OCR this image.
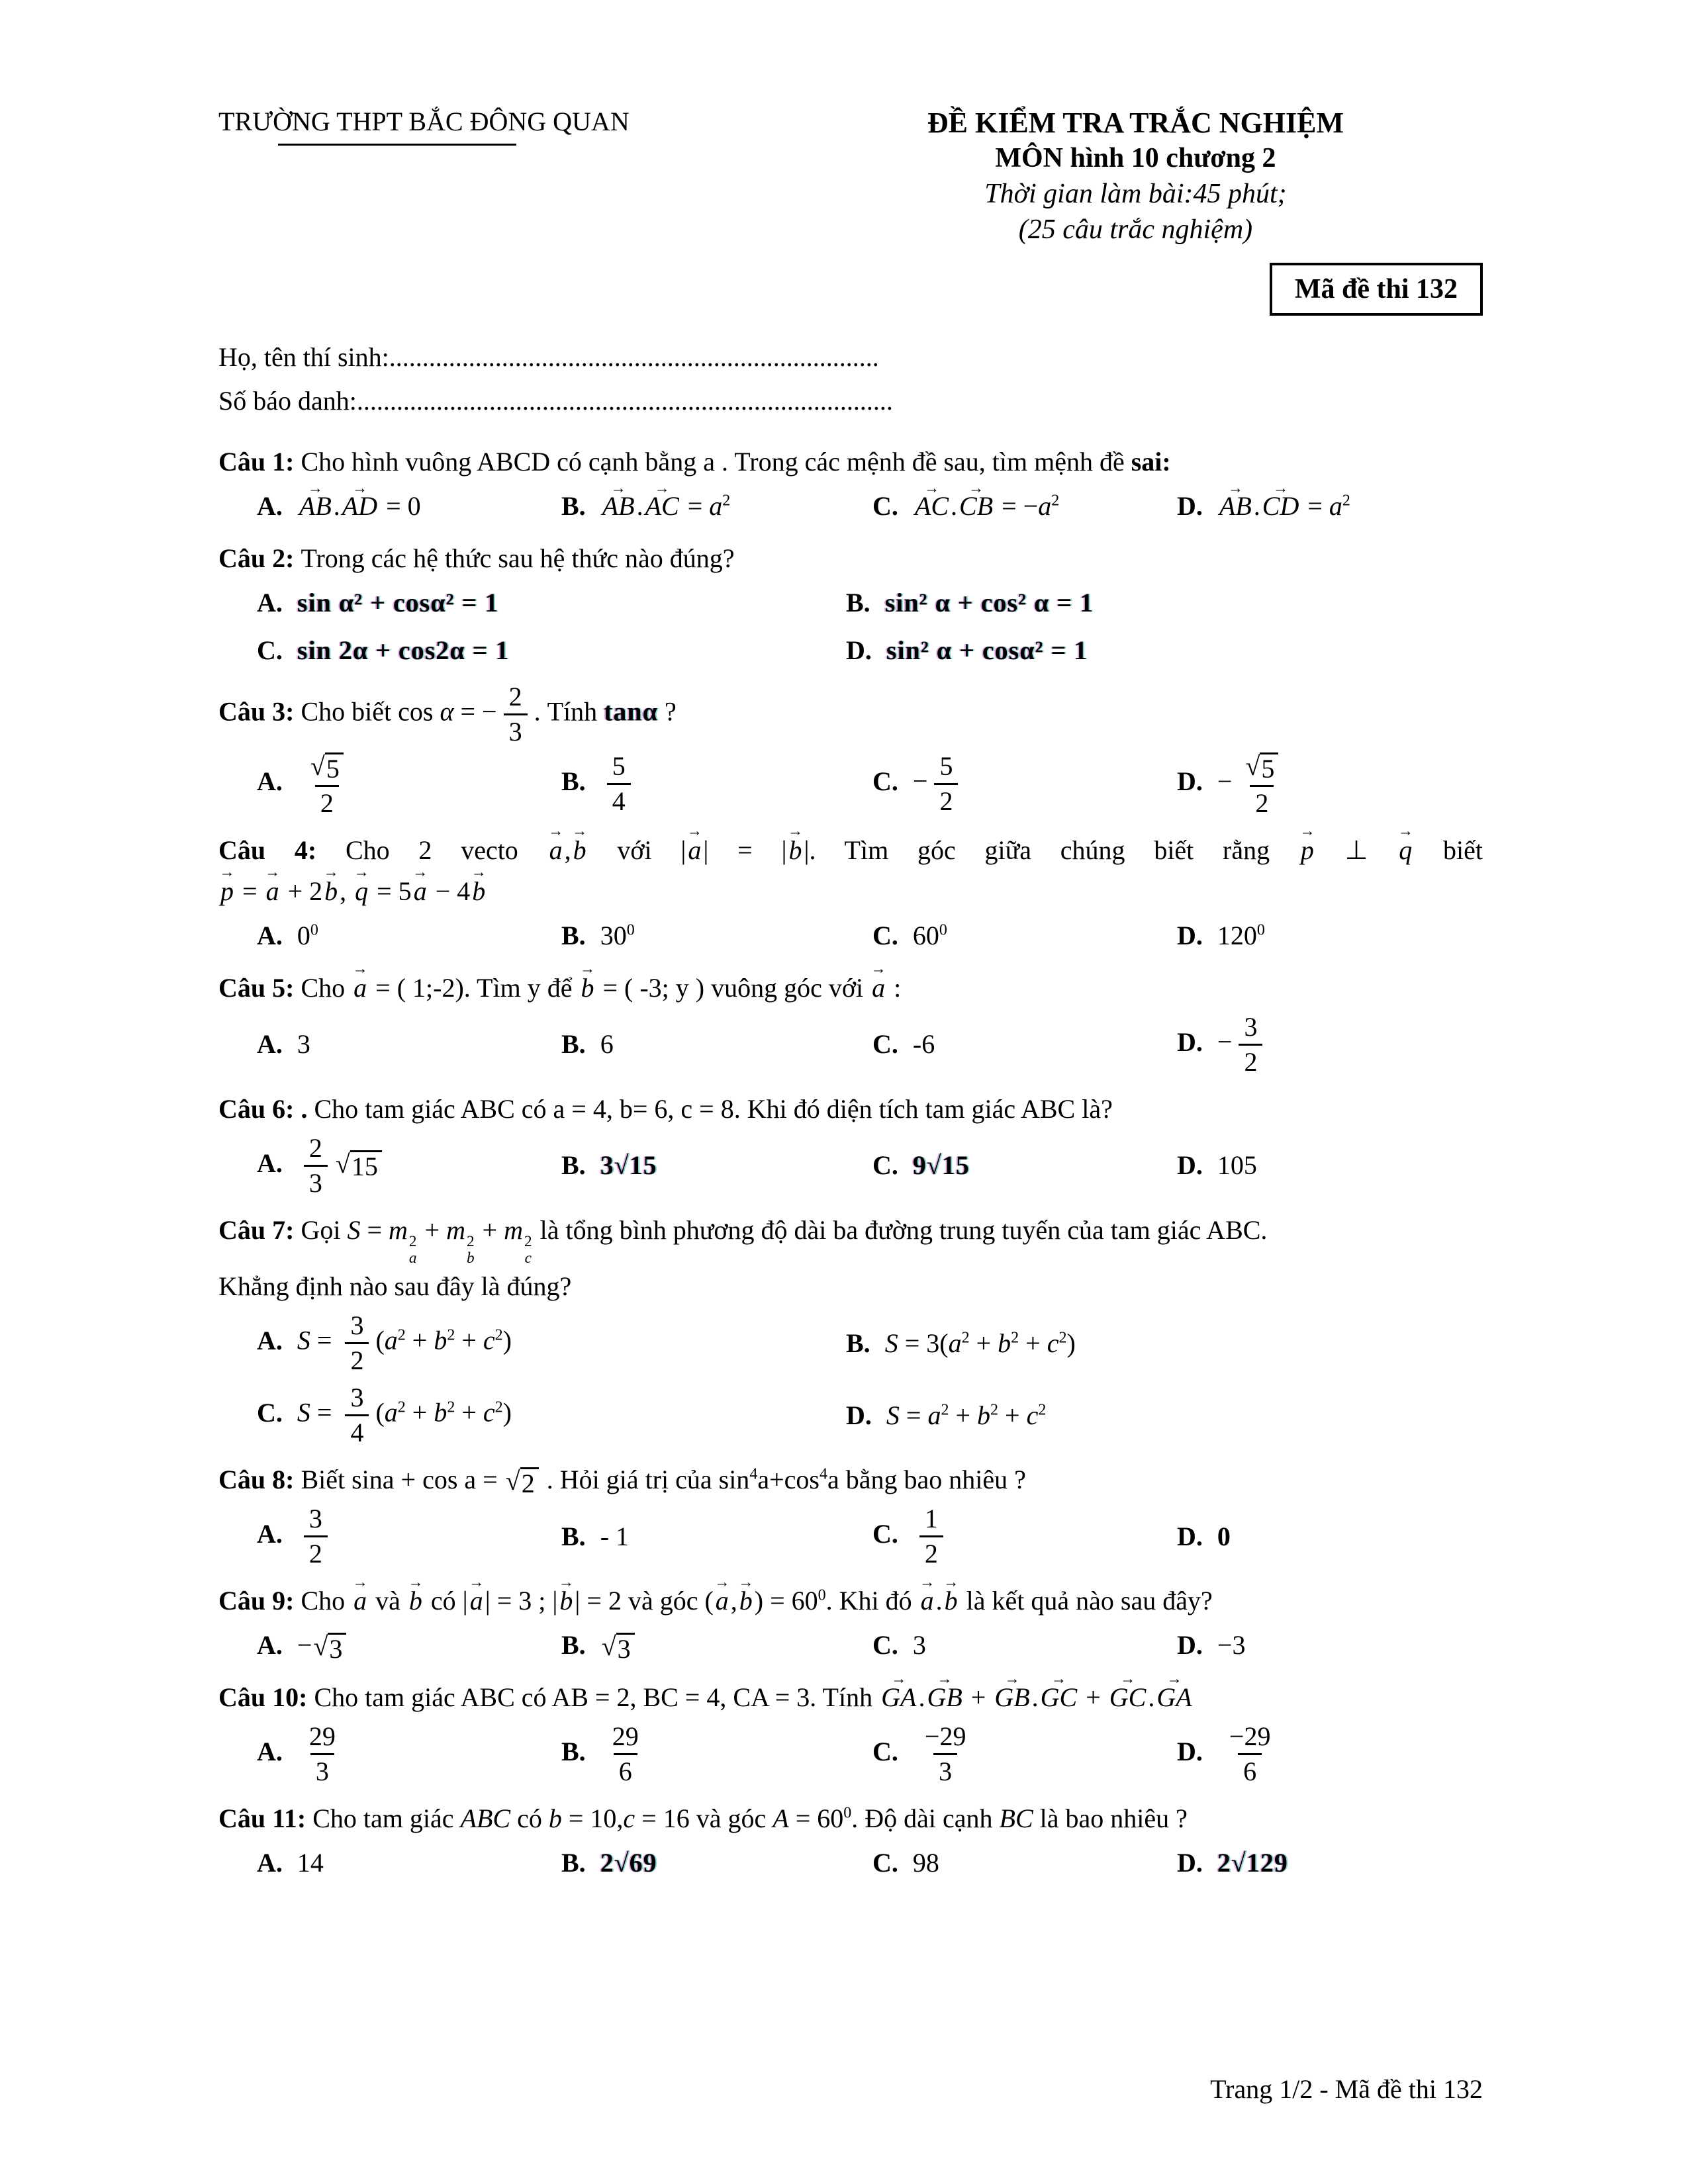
TRƯỜNG THPT BẮC ĐÔNG QUAN	ĐỀ KIỂM TRA TRẮC NGHIỆM
MÔN hình 10 chương 2
Thời gian làm bài:45 phút;
(25 câu trắc nghiệm)
Mã đề thi 132
Họ, tên thí sinh:..........................................................................
Số báo danh:.................................................................................

Câu 1: Cho hình vuông ABCD có cạnh bằng a . Trong các mệnh đề sau, tìm mệnh đề sai:

A. AB →.AD → = 0	B. AB →.AC → = $a^2$	C. AC →.CB → = $-a^2$	D. AB →.CD → = $a^2$

Câu 2: Trong các hệ thức sau hệ thức nào đúng?

A. sin α² + cosα² = 1	B. sin² α + cos² α = 1
C. sin 2α + cos2α = 1	D. sin² α + cosα² = 1

Câu 3: Cho biết cos α = − $\frac{2}{3}$ . Tính tanα ?

A. $\frac{√ 5}{2}$	B. $\frac{5}{4}$	C. − $\frac{5}{2}$	D. − $\frac{√ 5}{2}$

Câu 4: Cho 2 vecto a →,b → với |a →| = |b →|. Tìm góc giữa chúng biết rằng p → ⊥ q → biết

p → = a → + 2b →, q → = 5a → − 4b →

A. $0^0$	B. $30^0$	C. $60^0$	D. $120^0$

Câu 5: Cho a → = ( 1;-2). Tìm y để b → = ( -3; y ) vuông góc với a → :

A. 3	B. 6	C. -6	D. − $\frac{3}{2}$

Câu 6: . Cho tam giác ABC có a = 4, b= 6, c = 8. Khi đó diện tích tam giác ABC là?

A. $\frac{2}{3}$ √ 15	B. 3√15	C. 9√15	D. 105

Câu 7: Gọi S = m 2
a
+ m 2
b
+ m 2
c
là tổng bình phương độ dài ba đường trung tuyến của tam giác ABC.

Khẳng định nào sau đây là đúng?

A. $S = \frac{3}{2} (a^2 + b^2 + c^2)$	B. $S = 3(a^2 + b^2 + c^2)$
C. $S = \frac{3}{4} (a^2 + b^2 + c^2)$	D. $S = a^2 + b^2 + c^2$

Câu 8: Biết sina + cos a = √ 2 . Hỏi giá trị của $\sin^4a+\cos^4a$ bằng bao nhiêu ?

A. $\frac{3}{2}$	B. - 1	C. $\frac{1}{2}$	D. 0

Câu 9: Cho a → và b → có |a →| = 3 ; |b →| = 2 và góc (a →,b →) = $60^0$. Khi đó a →.b → là kết quả nào sau đây?

A. − √ 3	B. √ 3	C. 3	D. −3

Câu 10: Cho tam giác ABC có AB = 2, BC = 4, CA = 3. Tính GA →.GB → + GB →.GC → + GC →.GA →

A. $\frac{29}{3}$	B. $\frac{29}{6}$	C. $\frac{-29}{3}$	D. $\frac{-29}{6}$

Câu 11: Cho tam giác ABC có b = 10,c = 16 và góc $A = 60^0$. Độ dài cạnh BC là bao nhiêu ?

A. 14	B. 2√69	C. 98	D. 2√129
Trang 1/2 - Mã đề thi 132
